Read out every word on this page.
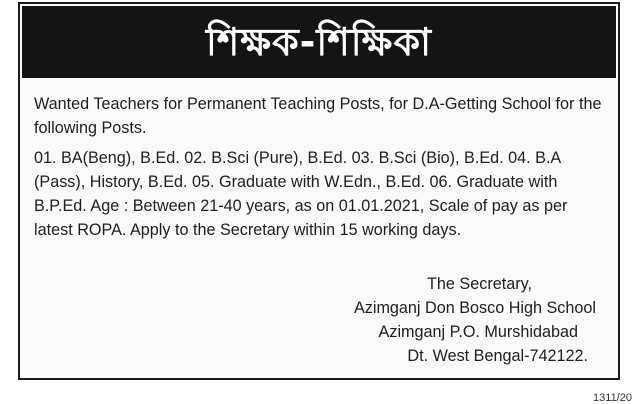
শিক্ষক-শিক্ষিকা

Wanted Teachers for Permanent Teaching Posts, for D.A-Getting School for the following Posts.

01. BA(Beng), B.Ed. 02. B.Sci (Pure), B.Ed. 03. B.Sci (Bio), B.Ed. 04. B.A (Pass), History, B.Ed. 05. Graduate with W.Edn., B.Ed. 06. Graduate with B.P.Ed. Age : Between 21-40 years, as on 01.01.2021, Scale of pay as per latest ROPA. Apply to the Secretary within 15 working days.

The Secretary,
Azimganj Don Bosco High School
Azimganj P.O. Murshidabad
Dt. West Bengal-742122.
1311/20
